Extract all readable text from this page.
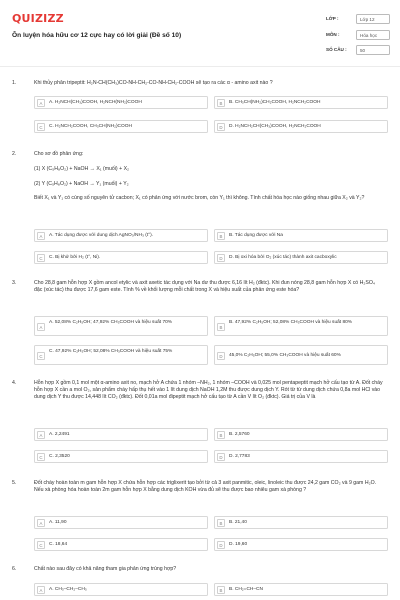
QUIZIZZ
Ôn luyện hóa hữu cơ 12 cực hay có lời giải (Đề số 10)
LỚP :	Lớp 12
MÔN :	Hóa học
SỐ CÂU :	50
1.	Khi thủy phân tripeptit: H₂N-CH(CH₃)CO-NH-CH₂-CO-NH-CH₂-COOH sẽ tạo ra các α - amino axit nào ?
A	A. H₂NCH(CH₃)COOH, H₂NCH(NH₂)COOH	B	B. CH₃CH(NH₂)CH₂COOH, H₂NCH₂COOH
C	C. H₂NCH₂COOH, CH₃CH(NH₂)COOH	D	D. H₂NCH₂CH(CH₃)COOH, H₂NCH₂COOH
2.	Cho sơ đồ phản ứng:
(1) X (C₅H₈O₂) + NaOH → X₁ (muối) + X₂
(2) Y (C₅H₈O₂) + NaOH → Y₁ (muối) + Y₂
Biết X₁ và Y₁ có cùng số nguyên tử cacbon; X₁ có phản ứng với nước brom, còn Y₁ thì không. Tính chất hóa học nào giống nhau giữa X₂ và Y₂?
A	A. Tác dụng được với dung dịch AgNO₃/NH₃ (t°).	B	B. Tác dụng được với Na
C	C. Bị khử bởi H₂ (t°, Ni).	D	D. Bị oxi hóa bởi O₂ (xúc tác) thành axit cacboxylic
3.	Cho 28,8 gam hỗn hợp X gồm ancol etylic và axit axetic tác dụng với Na dư thu được 6,16 lít H₂ (đktc). Khi đun nóng 28,8 gam hỗn hợp X có H₂SO₄ đặc (xúc tác) thu được 17,6 gam este. Tính % về khối lượng mỗi chất trong X và hiệu suất của phản ứng este hóa?
A
A. 52,08% C₂H₅OH; 47,92% CH₃COOH và hiệu suất 70%
B
B. 47,92% C₂H₅OH; 52,08% CH₃COOH và hiệu suất 80%
C
C. 47,92% C₂H₅OH; 52,08% CH₃COOH và hiệu suất 75%
D	45,0% C₂H₅OH; 55,0% CH₃COOH và hiệu suất 60%
4.	Hỗn hợp X gồm 0,1 mol một α-amino axit no, mạch hở A chứa 1 nhóm –NH₂, 1 nhóm –COOH và 0,025 mol pentapeptit mạch hở cấu tạo từ A. Đốt cháy hỗn hợp X cần a mol O₂, sản phẩm cháy hấp thụ hết vào 1 lít dung dịch NaOH 1,2M thu được dung dịch Y. Rót từ từ dung dịch chứa 0,8a mol HCl vào dung dịch Y thu được 14,448 lít CO₂ (đktc). Đốt 0,01a mol đipeptit mạch hở cấu tạo từ A cần V lít O₂ (đktc). Giá trị của V là
A	A. 2,2491	B	B. 2,5760
C	C. 2,3520	D	D. 2,7783
5.	Đốt cháy hoàn toàn m gam hỗn hợp X chứa hỗn hợp các triglixerit tạo bởi từ cả 3 axit panmitic, oleic, linoleic thu được 24,2 gam CO₂ và 9 gam H₂O. Nếu xà phòng hóa hoàn toàn 2m gam hỗn hợp X bằng dung dịch KOH vừa đủ sẽ thu được bao nhiêu gam xà phòng ?
A	A. 11,90	B	B. 21,40
C	C. 18,64	D	D. 19,60
6.	Chất nào sau đây có khả năng tham gia phản ứng trùng hợp?
A	A. CH₃–CH₂–CH₃	B	B. CH₂=CH–CN
